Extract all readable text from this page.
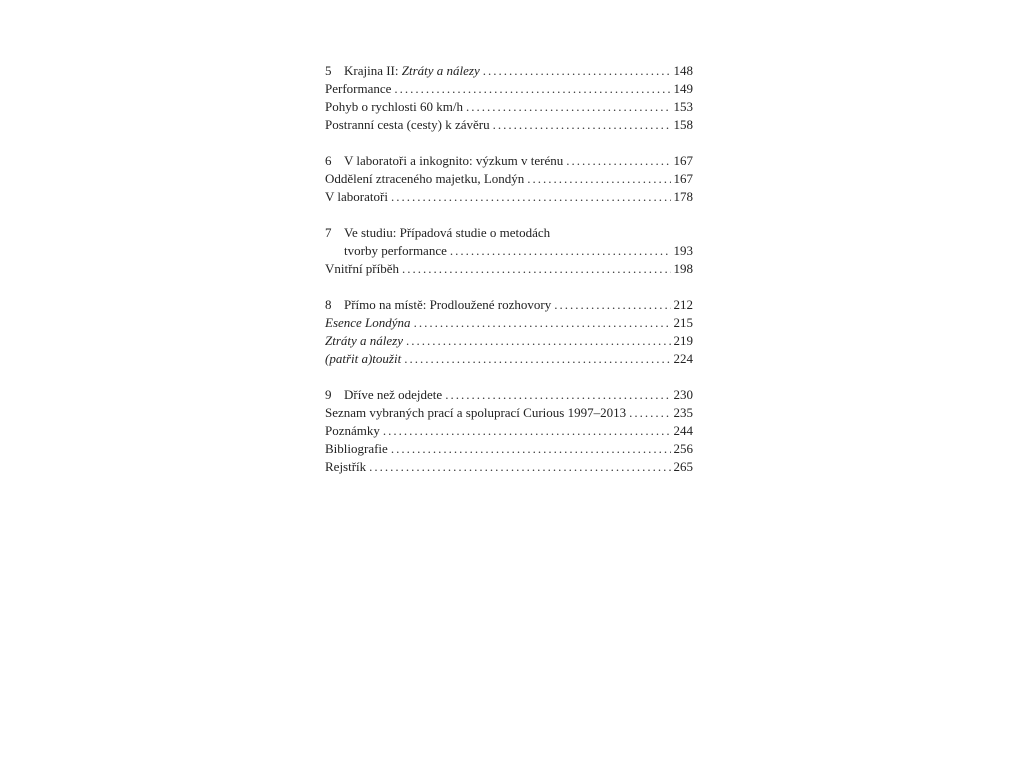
5 Krajina II: Ztráty a nálezy .....	148
Performance .....	149
Pohyb o rychlosti 60 km/h .....	153
Postranní cesta (cesty) k závěru .....	158
6 V laboratoři a inkognito: výzkum v terénu .....	167
Oddělení ztraceného majetku, Londýn .....	167
V laboratoři .....	178
7 Ve studiu: Případová studie o metodách
tvorby performance .....	193
Vnitřní příběh .....	198
8 Přímo na místě: Prodloužené rozhovory .....	212
Esence Londýna .....	215
Ztráty a nálezy .....	219
(patřit a)toužit .....	224
9 Dříve než odejdete .....	230
Seznam vybraných prací a spoluprací Curious 1997–2013 .....	235
Poznámky .....	244
Bibliografie .....	256
Rejstřík .....	265
